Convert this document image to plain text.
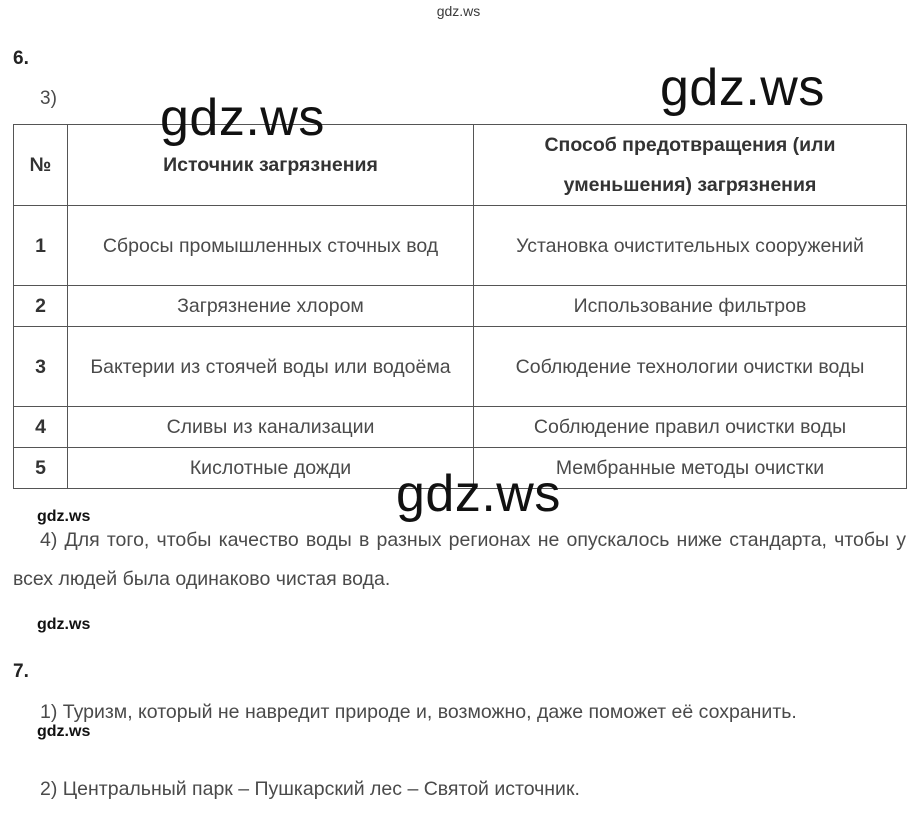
gdz.ws
6.
3)
№	Источник загрязнения	Способ предотвращения (или уменьшения) загрязнения
1	Сбросы промышленных сточных вод	Установка очистительных сооружений
2	Загрязнение хлором	Использование фильтров
3	Бактерии из стоячей воды или водоёма	Соблюдение технологии очистки воды
4	Сливы из канализации	Соблюдение правил очистки воды
5	Кислотные дожди	Мембранные методы очистки
gdz.ws
gdz.ws
gdz.ws
gdz.ws

4) Для того, чтобы качество воды в разных регионах не опускалось ниже стандарта, чтобы у всех людей была одинаково чистая вода.

gdz.ws
7.

1) Туризм, который не навредит природе и, возможно, даже поможет её сохранить.

gdz.ws

2) Центральный парк – Пушкарский лес – Святой источник.
